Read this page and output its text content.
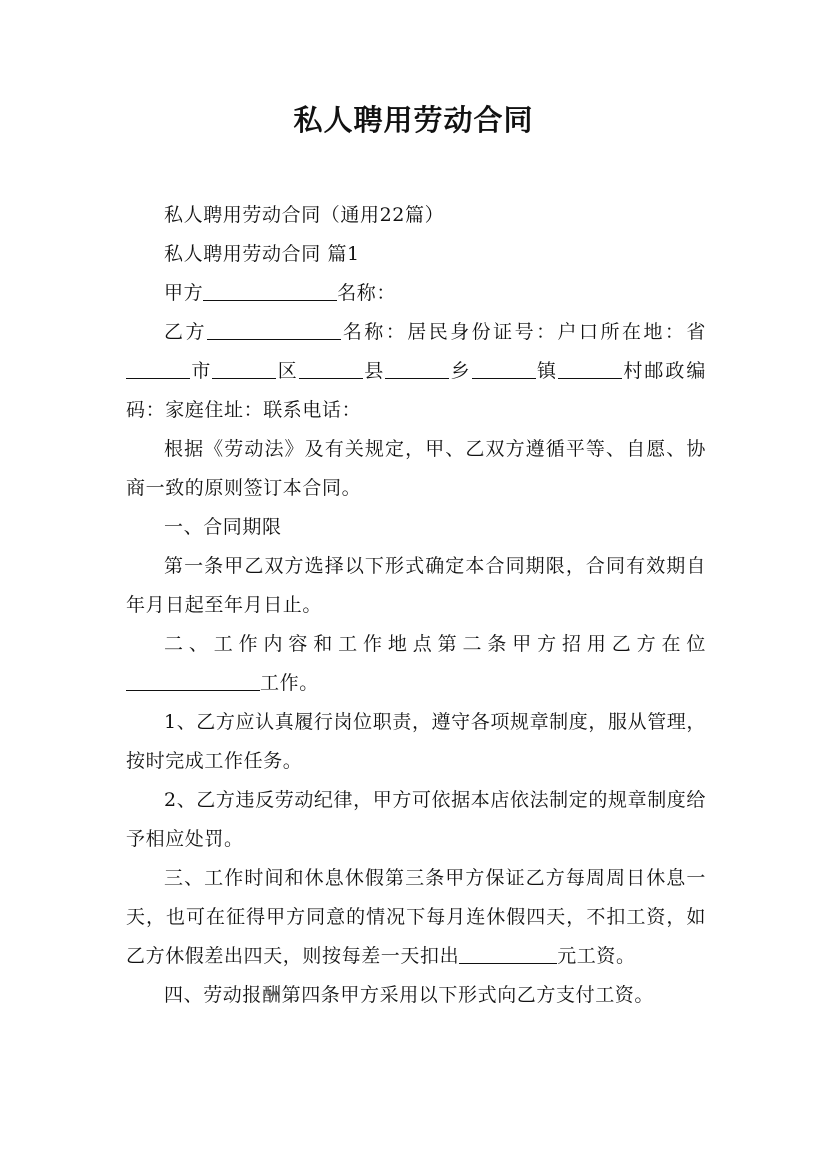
私人聘用劳动合同

私人聘用劳动合同（通用22篇）

私人聘用劳动合同 篇1

甲方	名称：

乙方	名称：居民身份证号：户口所在地：省市	区	县	乡	镇	村邮政编码：家庭住址：联系电话：

根据《劳动法》及有关规定，甲、乙双方遵循平等、自愿、协商一致的原则签订本合同。

一、合同期限

第一条甲乙双方选择以下形式确定本合同期限，合同有效期自年月日起至年月日止。

二、工作内容和工作地点第二条甲方招用乙方在位工作。

1、乙方应认真履行岗位职责，遵守各项规章制度，服从管理，按时完成工作任务。

2、乙方违反劳动纪律，甲方可依据本店依法制定的规章制度给予相应处罚。

三、工作时间和休息休假第三条甲方保证乙方每周周日休息一天，也可在征得甲方同意的情况下每月连休假四天，不扣工资，如乙方休假差出四天，则按每差一天扣出	元工资。

四、劳动报酬第四条甲方采用以下形式向乙方支付工资。
